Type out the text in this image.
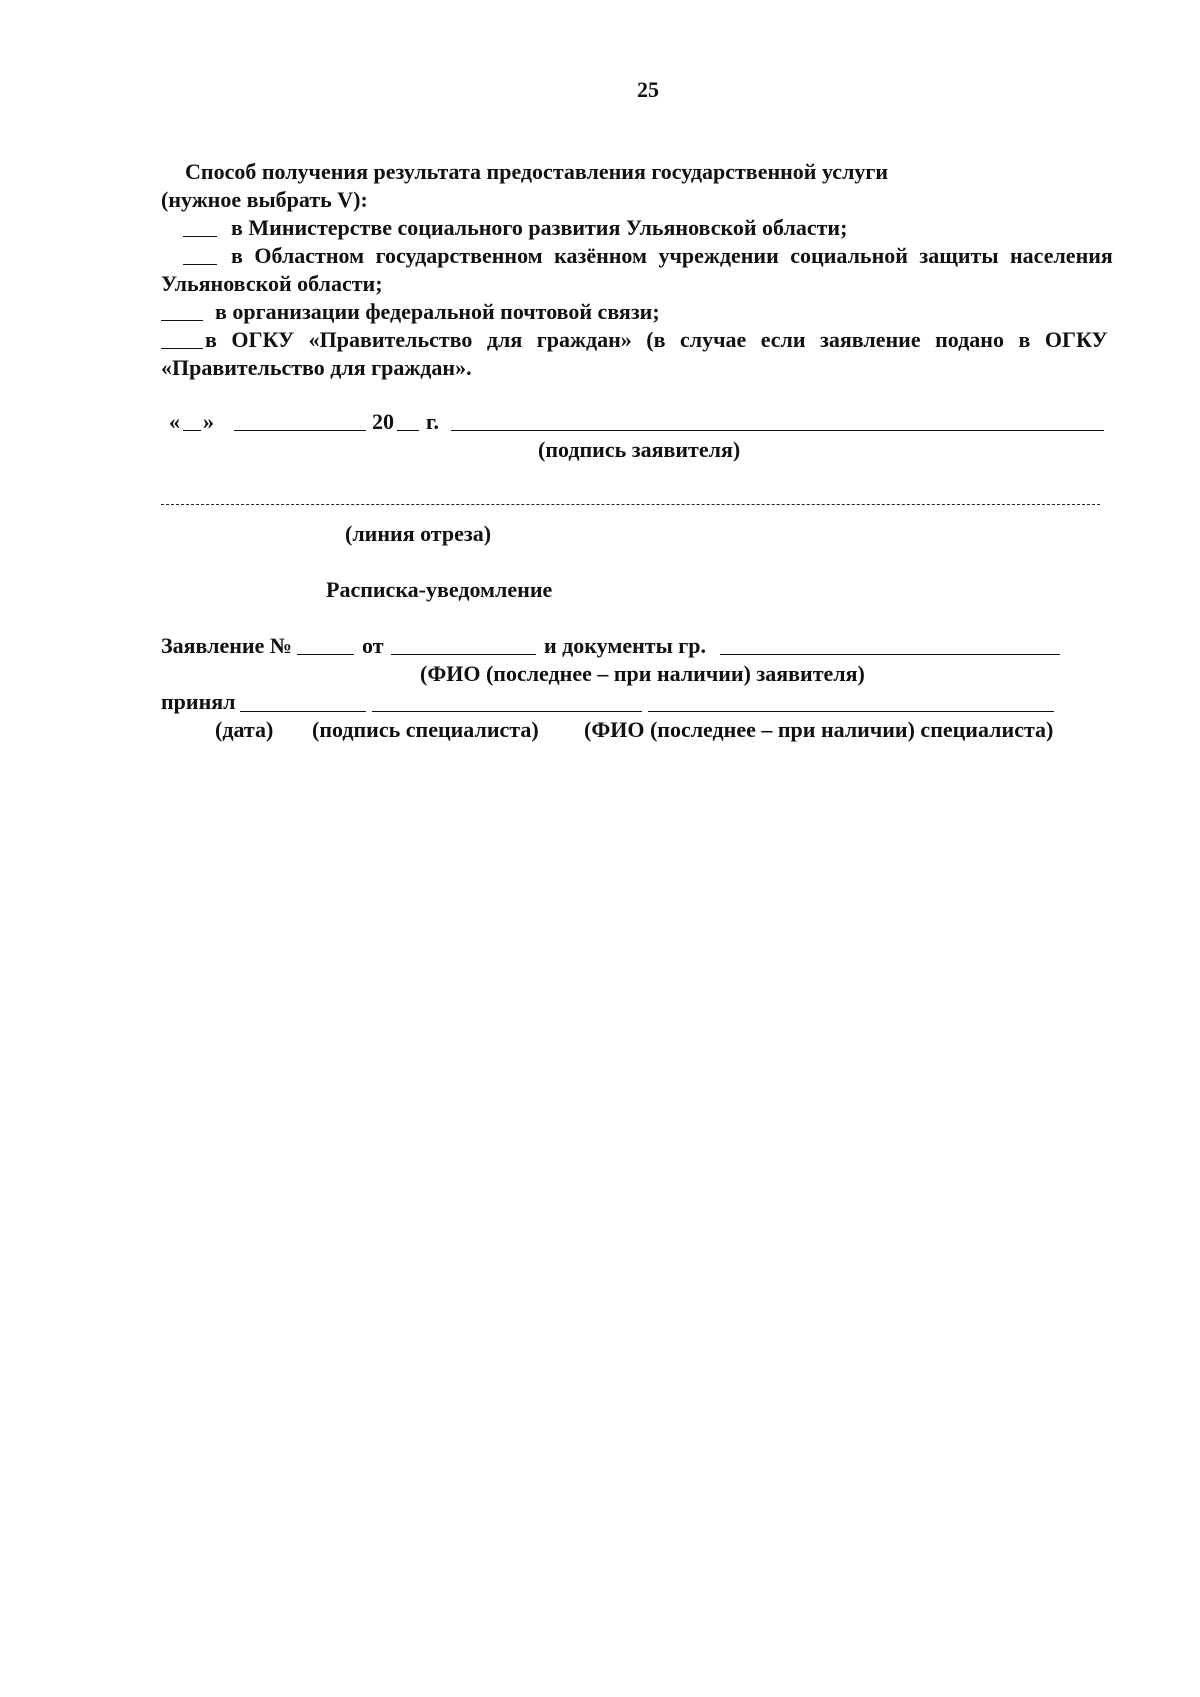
25
Способ получения результата предоставления государственной услуги
(нужное выбрать V):
в Министерстве социального развития Ульяновской области;
в Областном государственном казённом учреждении социальной защиты населения
Ульяновской области;
в организации федеральной почтовой связи;
в ОГКУ «Правительство для граждан» (в случае если заявление подано в ОГКУ
«Правительство для граждан».
« »	20 г.
(подпись заявителя)
(линия отреза)
Расписка-уведомление
Заявление №	от	и документы гр.
(ФИО (последнее – при наличии) заявителя)
принял
(дата) (подпись специалиста) (ФИО (последнее – при наличии) специалиста)
